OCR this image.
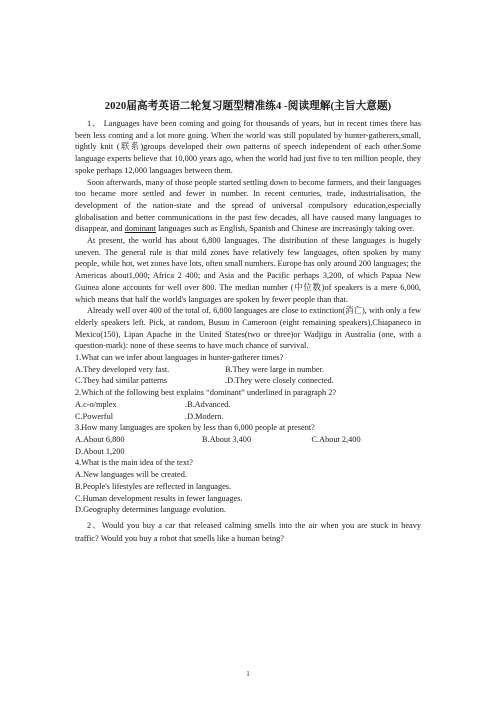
2020届高考英语二轮复习题型精准练4 -阅读理解(主旨大意题)

1、 Languages have been coming and going for thousands of years, but in recent times there has been less coming and a lot more going. When the world was still populated by hunter-gatherers,small, tightly knit (联系)groups developed their own patterns of speech independent of each other.Some language experts believe that 10,000 years ago, when the world had just five to ten million people, they spoke perhaps 12,000 languages between them.

Soon afterwards, many of those people started settling down to become farmers, and their languages too became more settled and fewer in number. In recent centuries, trade, industrialisation, the development of the nation-state and the spread of universal compulsory education,especially globalisation and better communications in the past few decades, all have caused many languages to disappear, and dominant languages such as English, Spanish and Chinese are increasingly taking over.

At present, the world has about 6,800 languages. The distribution of these languages is hugely uneven. The general rule is that mild zones have relatively few languages, often spoken by many people, while hot, wet zones have lots, often small numbers. Europe has only around 200 languages; the Americas about1,000; Africa 2 400; and Asia and the Pacific perhaps 3,200, of which Papua New Guinea alone accounts for well over 800. The median number (中位数)of speakers is a mere 6,000, which means that half the world's languages are spoken by fewer people than that.

Already well over 400 of the total of, 6,800 languages are close to extinction(消亡), with only a few elderly speakers left. Pick, at random, Busuu in Cameroon (eight remaining speakers),Chiapaneco in Mexico(150), Lipan Apache in the United States(two or three)or Wadjigu in Australia (one, with a question-mark): none of these seems to have much chance of survival.

1.What can we infer about languages in hunter-gatherer times?

A.They developed very fast.	B.They were large in number.
C.They had similar patterns	.D.They were closely connected.

2.Which of the following best explains “dominant” underlined in paragraph 2?

A.c-o/mplex	.B.Advanced.
C.Powerful	.D.Modern.

3.How many languages are spoken by less than 6,000 people at present?

A.About 6,800	B.About 3,400	C.About 2,400
D.About 1,200

4.What is the main idea of the text?

A.New languages will be created.

B.People's lifestyles are reflected in languages.

C.Human development results in fewer languages.

D.Geography determines language evolution.

2、Would you buy a car that released calming smells into the air when you are stuck in heavy traffic? Would you buy a robot that smells like a human being?

1
